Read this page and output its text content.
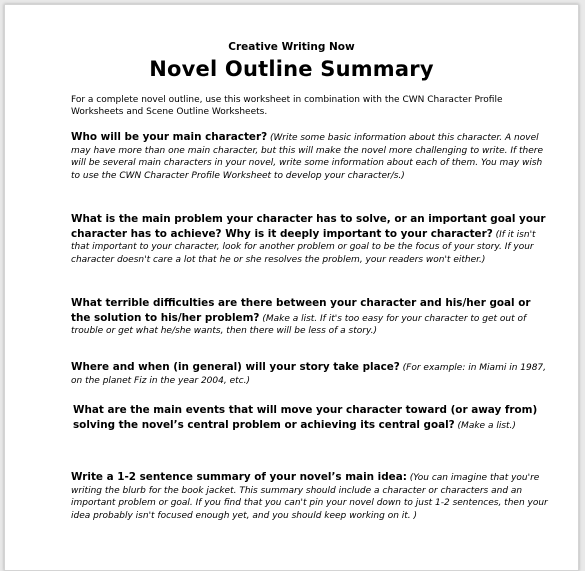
Creative Writing Now
Novel Outline Summary
For a complete novel outline, use this worksheet in combination with the CWN Character Profile Worksheets and Scene Outline Worksheets.
Who will be your main character? (Write some basic information about this character. A novel may have more than one main character, but this will make the novel more challenging to write. If there will be several main characters in your novel, write some information about each of them. You may wish to use the CWN Character Profile Worksheet to develop your character/s.)
What is the main problem your character has to solve, or an important goal your character has to achieve? Why is it deeply important to your character? (If it isn't that important to your character, look for another problem or goal to be the focus of your story. If your character doesn't care a lot that he or she resolves the problem, your readers won't either.)
What terrible difficulties are there between your character and his/her goal or the solution to his/her problem? (Make a list. If it's too easy for your character to get out of trouble or get what he/she wants, then there will be less of a story.)
Where and when (in general) will your story take place? (For example: in Miami in 1987, on the planet Fiz in the year 2004, etc.)
What are the main events that will move your character toward (or away from) solving the novel’s central problem or achieving its central goal? (Make a list.)
Write a 1-2 sentence summary of your novel’s main idea: (You can imagine that you're writing the blurb for the book jacket. This summary should include a character or characters and an important problem or goal. If you find that you can't pin your novel down to just 1-2 sentences, then your idea probably isn't focused enough yet, and you should keep working on it. )
